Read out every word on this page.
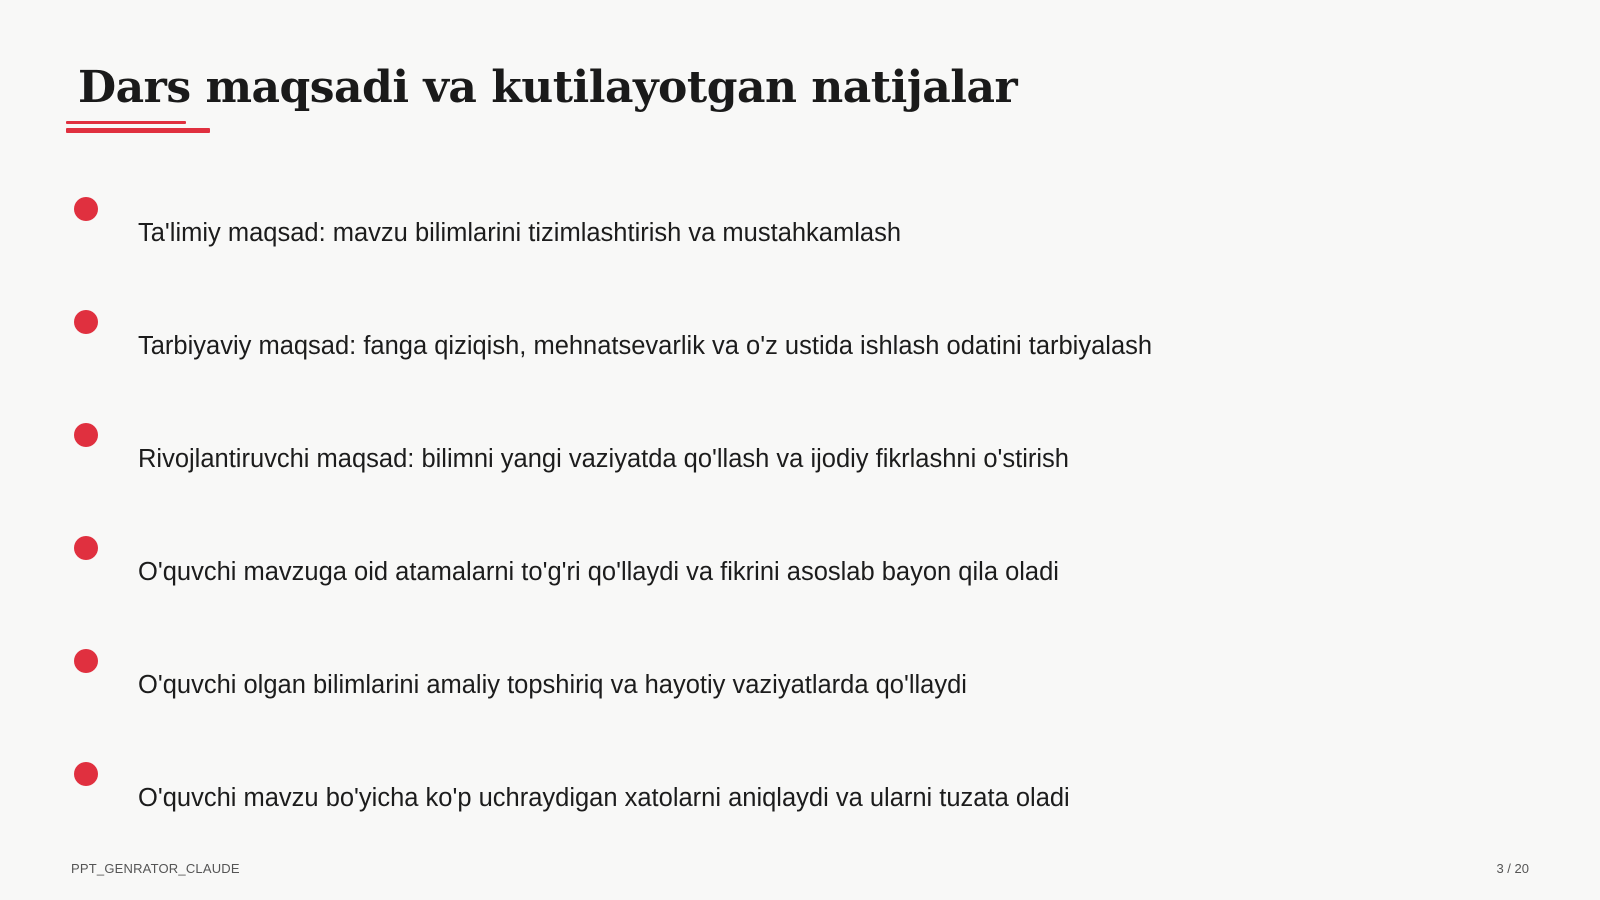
Dars maqsadi va kutilayotgan natijalar
Ta'limiy maqsad: mavzu bilimlarini tizimlashtirish va mustahkamlash
Tarbiyaviy maqsad: fanga qiziqish, mehnatsevarlik va o'z ustida ishlash odatini tarbiyalash
Rivojlantiruvchi maqsad: bilimni yangi vaziyatda qo'llash va ijodiy fikrlashni o'stirish
O'quvchi mavzuga oid atamalarni to'g'ri qo'llaydi va fikrini asoslab bayon qila oladi
O'quvchi olgan bilimlarini amaliy topshiriq va hayotiy vaziyatlarda qo'llaydi
O'quvchi mavzu bo'yicha ko'p uchraydigan xatolarni aniqlaydi va ularni tuzata oladi
PPT_GENRATOR_CLAUDE	3 / 20
